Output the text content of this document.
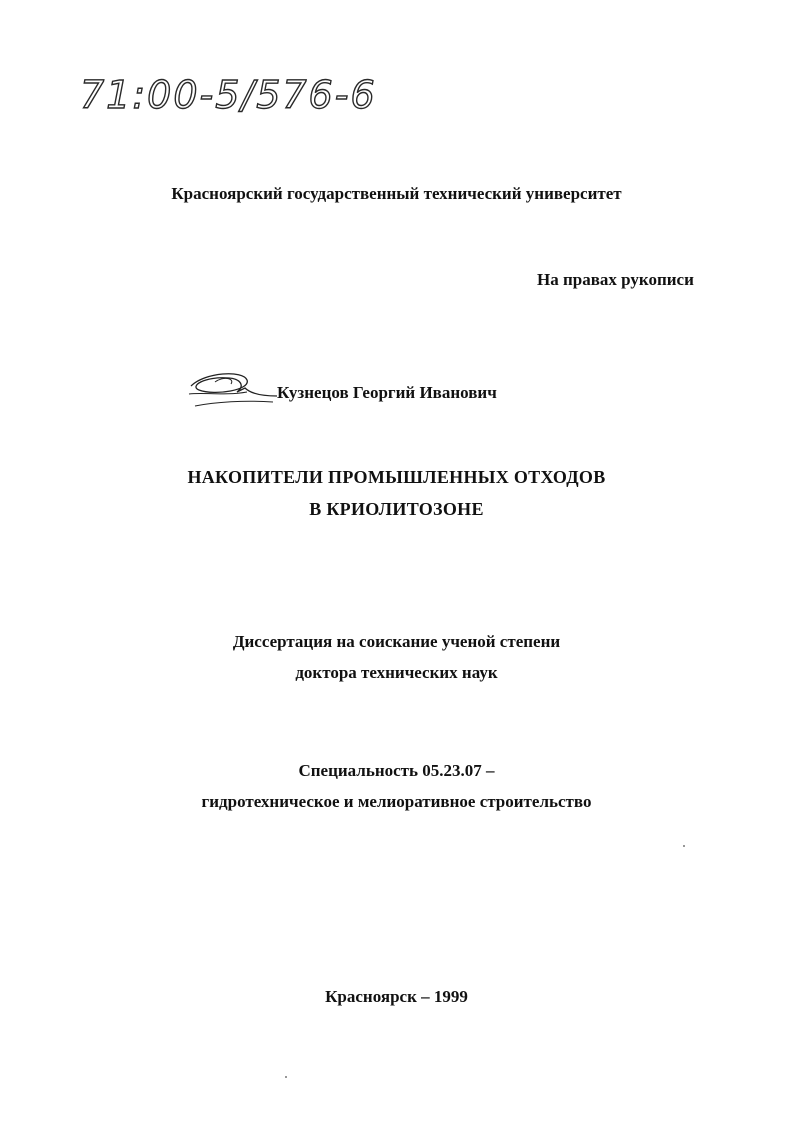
71:00-5/576-6
Красноярский государственный технический университет
На правах рукописи
Кузнецов Георгий Иванович
НАКОПИТЕЛИ ПРОМЫШЛЕННЫХ ОТХОДОВ
В КРИОЛИТОЗОНЕ
Диссертация на соискание ученой степени
доктора технических наук
Специальность 05.23.07 –
гидротехническое и мелиоративное строительство
Красноярск – 1999
